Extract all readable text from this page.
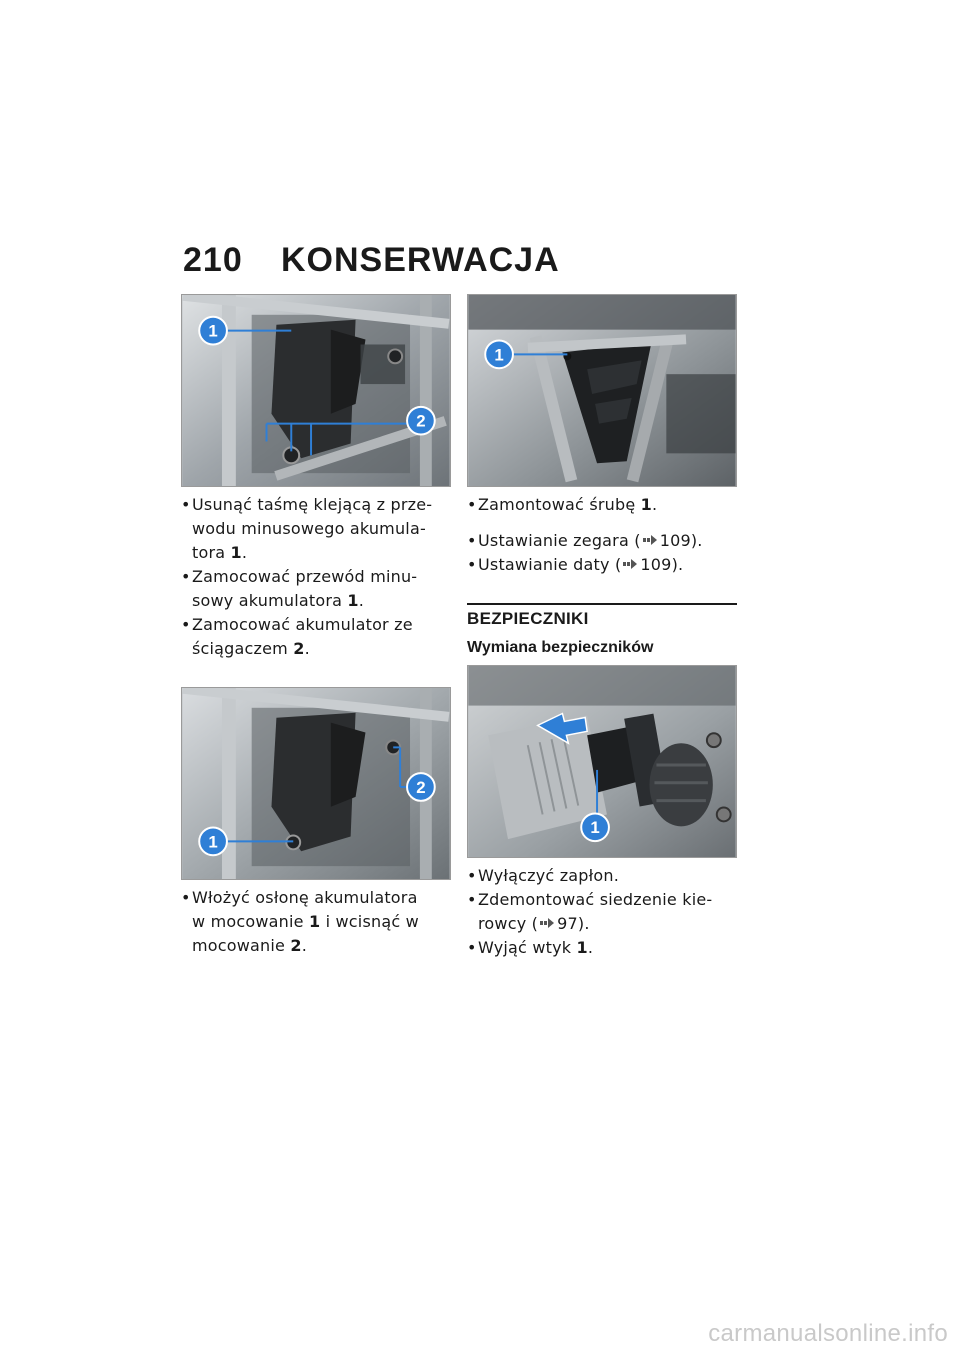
210	KONSERWACJA
1
2
• Usunąć taśmę klejącą z prze-
wodu minusowego akumula-
tora 1.
• Zamocować przewód minu-
sowy akumulatora 1.
• Zamocować akumulator ze
ściągaczem 2.
2
1
• Włożyć osłonę akumulatora
w mocowanie 1 i wcisnąć w
mocowanie 2.
1
• Zamontować śrubę 1.
• Ustawianie zegara ( 109).
• Ustawianie daty ( 109).
BEZPIECZNIKI
Wymiana bezpieczników
1
• Wyłączyć zapłon.
• Zdemontować siedzenie kie-
rowcy ( 97).
• Wyjąć wtyk 1.
carmanualsonline.info
